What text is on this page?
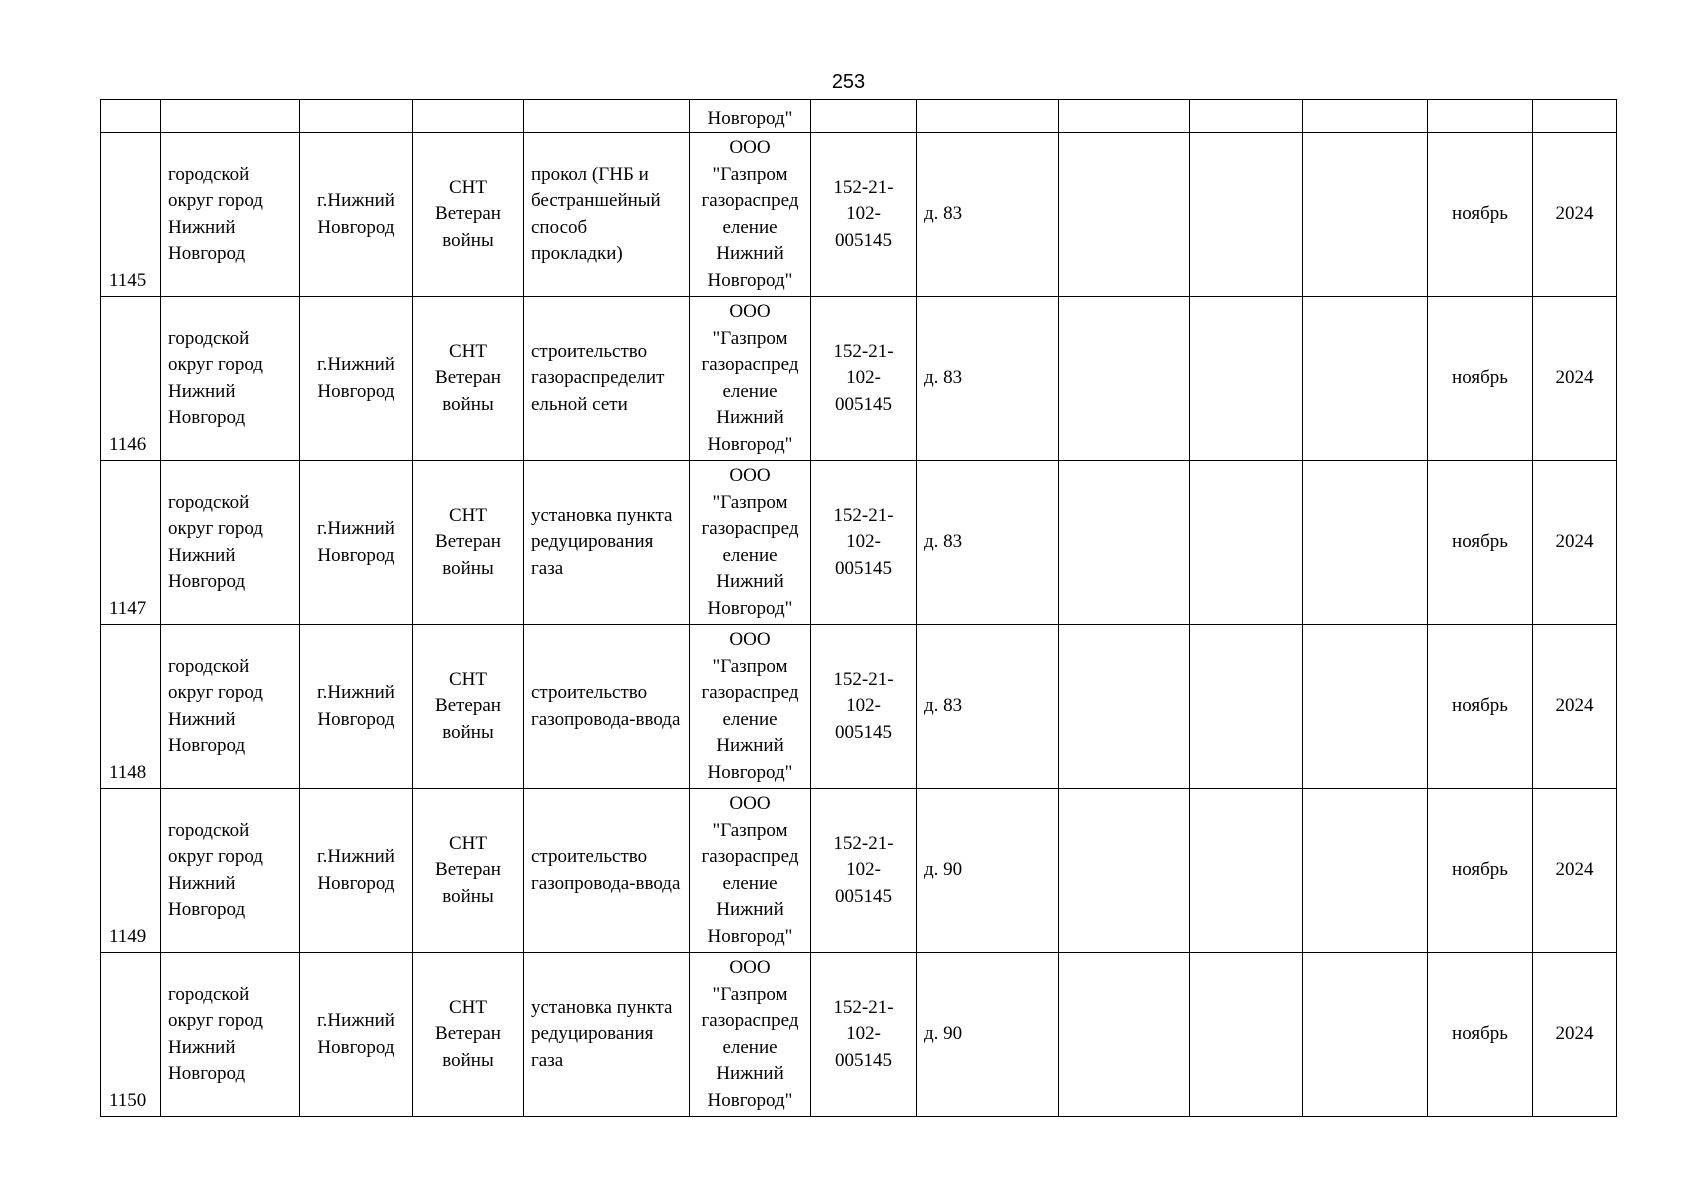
253
					Новгород"							
1145	городской округ город Нижний Новгород	г.Нижний Новгород	СНТ Ветеран войны	прокол (ГНБ и бестраншейный способ прокладки)	ООО "Газпром газораспред еление Нижний Новгород"	152-21-102-005145	д. 83				ноябрь	2024
1146	городской округ город Нижний Новгород	г.Нижний Новгород	СНТ Ветеран войны	строительство газораспределит ельной сети	ООО "Газпром газораспред еление Нижний Новгород"	152-21-102-005145	д. 83				ноябрь	2024
1147	городской округ город Нижний Новгород	г.Нижний Новгород	СНТ Ветеран войны	установка пункта редуцирования газа	ООО "Газпром газораспред еление Нижний Новгород"	152-21-102-005145	д. 83				ноябрь	2024
1148	городской округ город Нижний Новгород	г.Нижний Новгород	СНТ Ветеран войны	строительство газопровода-ввода	ООО "Газпром газораспред еление Нижний Новгород"	152-21-102-005145	д. 83				ноябрь	2024
1149	городской округ город Нижний Новгород	г.Нижний Новгород	СНТ Ветеран войны	строительство газопровода-ввода	ООО "Газпром газораспред еление Нижний Новгород"	152-21-102-005145	д. 90				ноябрь	2024
1150	городской округ город Нижний Новгород	г.Нижний Новгород	СНТ Ветеран войны	установка пункта редуцирования газа	ООО "Газпром газораспред еление Нижний Новгород"	152-21-102-005145	д. 90				ноябрь	2024
